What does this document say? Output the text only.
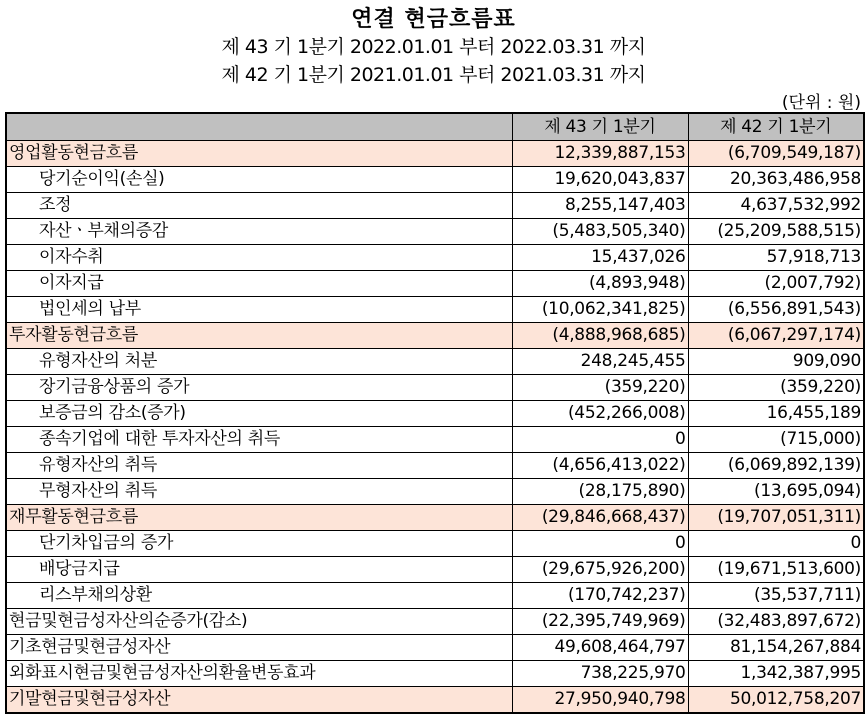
연결 현금흐름표
제 43 기 1분기 2022.01.01 부터 2022.03.31 까지
제 42 기 1분기 2021.01.01 부터 2021.03.31 까지
(단위 : 원)
	제 43 기 1분기	제 42 기 1분기
영업활동현금흐름	12,339,887,153	(6,709,549,187)
당기순이익(손실)	19,620,043,837	20,363,486,958
조정	8,255,147,403	4,637,532,992
자산ㆍ부채의증감	(5,483,505,340)	(25,209,588,515)
이자수취	15,437,026	57,918,713
이자지급	(4,893,948)	(2,007,792)
법인세의 납부	(10,062,341,825)	(6,556,891,543)
투자활동현금흐름	(4,888,968,685)	(6,067,297,174)
유형자산의 처분	248,245,455	909,090
장기금융상품의 증가	(359,220)	(359,220)
보증금의 감소(증가)	(452,266,008)	16,455,189
종속기업에 대한 투자자산의 취득	0	(715,000)
유형자산의 취득	(4,656,413,022)	(6,069,892,139)
무형자산의 취득	(28,175,890)	(13,695,094)
재무활동현금흐름	(29,846,668,437)	(19,707,051,311)
단기차입금의 증가	0	0
배당금지급	(29,675,926,200)	(19,671,513,600)
리스부채의상환	(170,742,237)	(35,537,711)
현금및현금성자산의순증가(감소)	(22,395,749,969)	(32,483,897,672)
기초현금및현금성자산	49,608,464,797	81,154,267,884
외화표시현금및현금성자산의환율변동효과	738,225,970	1,342,387,995
기말현금및현금성자산	27,950,940,798	50,012,758,207
